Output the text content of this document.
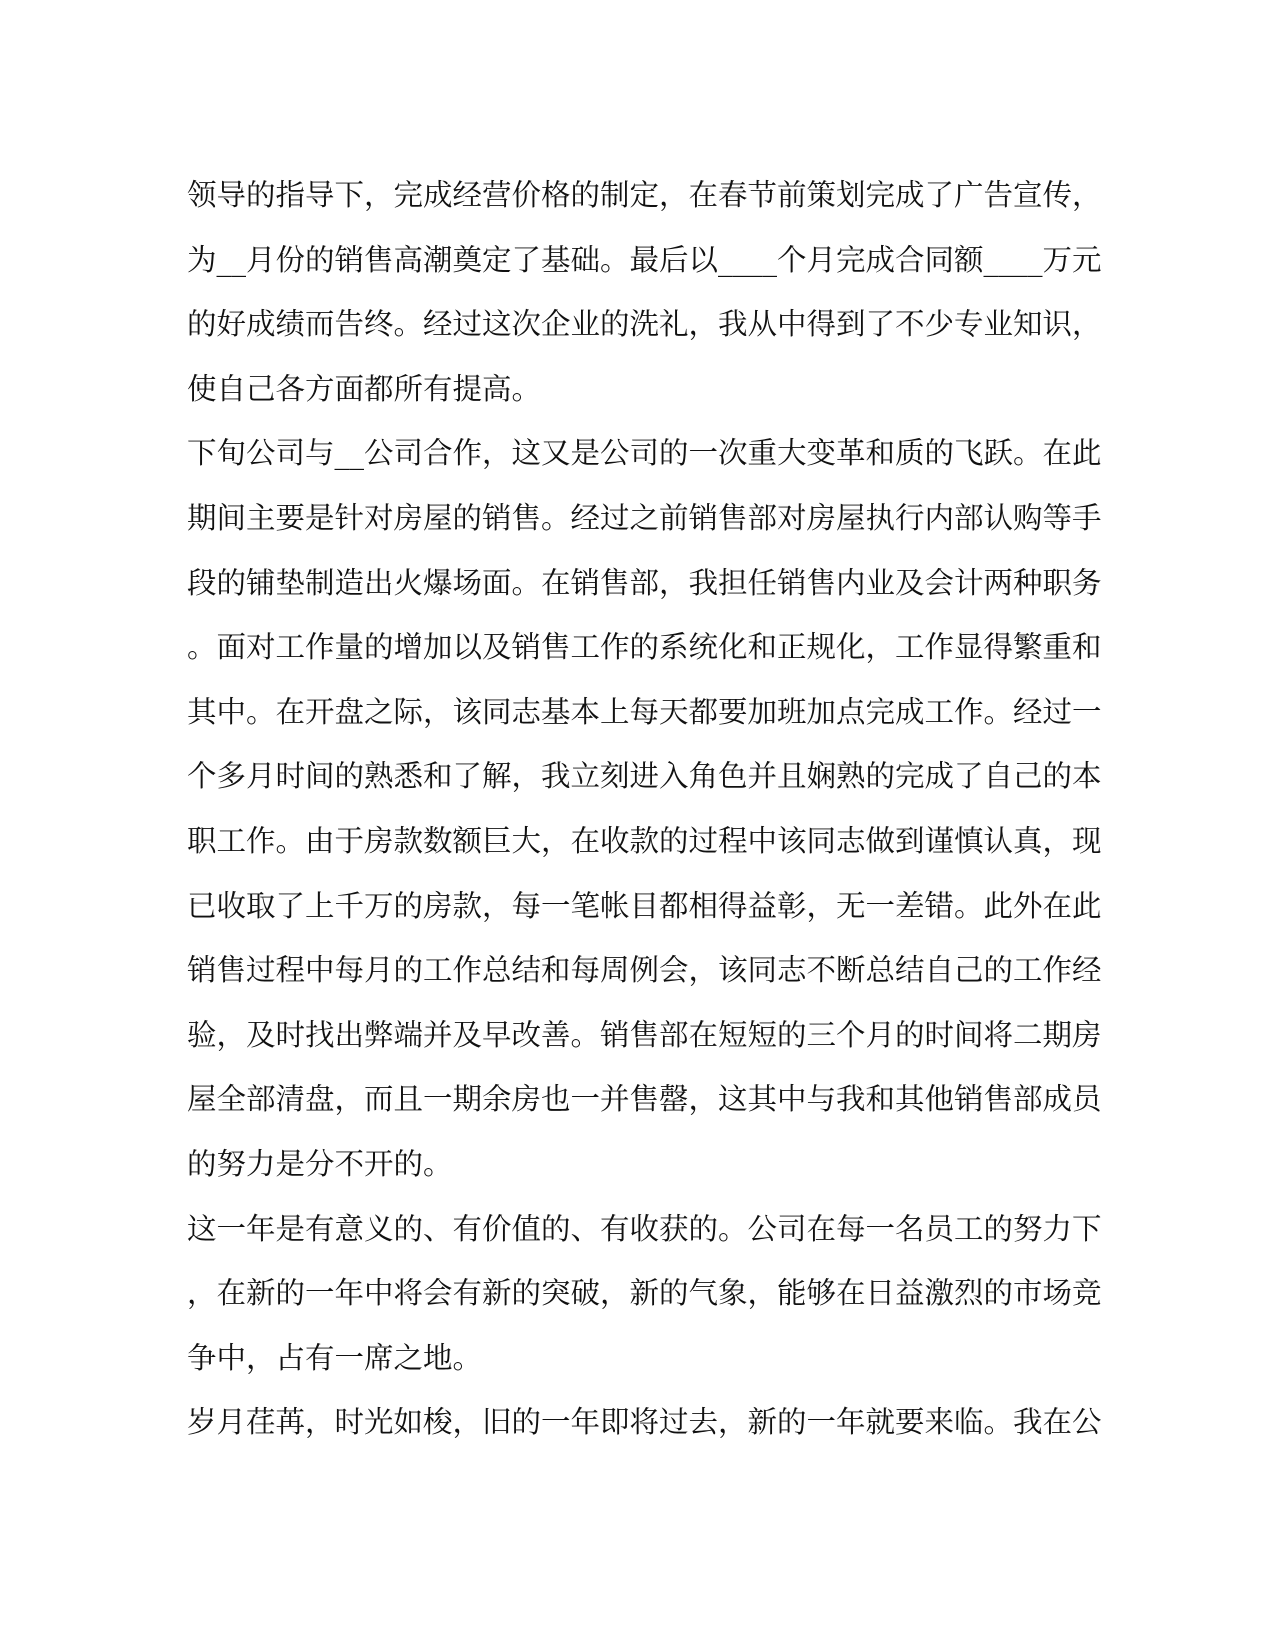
领导的指导下，完成经营价格的制定，在春节前策划完成了广告宣传，
为__月份的销售高潮奠定了基础。最后以____个月完成合同额____万元
的好成绩而告终。经过这次企业的洗礼，我从中得到了不少专业知识，
使自己各方面都所有提高。
下旬公司与__公司合作，这又是公司的一次重大变革和质的飞跃。在此
期间主要是针对房屋的销售。经过之前销售部对房屋执行内部认购等手
段的铺垫制造出火爆场面。在销售部，我担任销售内业及会计两种职务
。面对工作量的增加以及销售工作的系统化和正规化，工作显得繁重和
其中。在开盘之际，该同志基本上每天都要加班加点完成工作。经过一
个多月时间的熟悉和了解，我立刻进入角色并且娴熟的完成了自己的本
职工作。由于房款数额巨大，在收款的过程中该同志做到谨慎认真，现
已收取了上千万的房款，每一笔帐目都相得益彰，无一差错。此外在此
销售过程中每月的工作总结和每周例会，该同志不断总结自己的工作经
验，及时找出弊端并及早改善。销售部在短短的三个月的时间将二期房
屋全部清盘，而且一期余房也一并售罄，这其中与我和其他销售部成员
的努力是分不开的。
这一年是有意义的、有价值的、有收获的。公司在每一名员工的努力下
，在新的一年中将会有新的突破，新的气象，能够在日益激烈的市场竞
争中，占有一席之地。
岁月荏苒，时光如梭，旧的一年即将过去，新的一年就要来临。我在公
